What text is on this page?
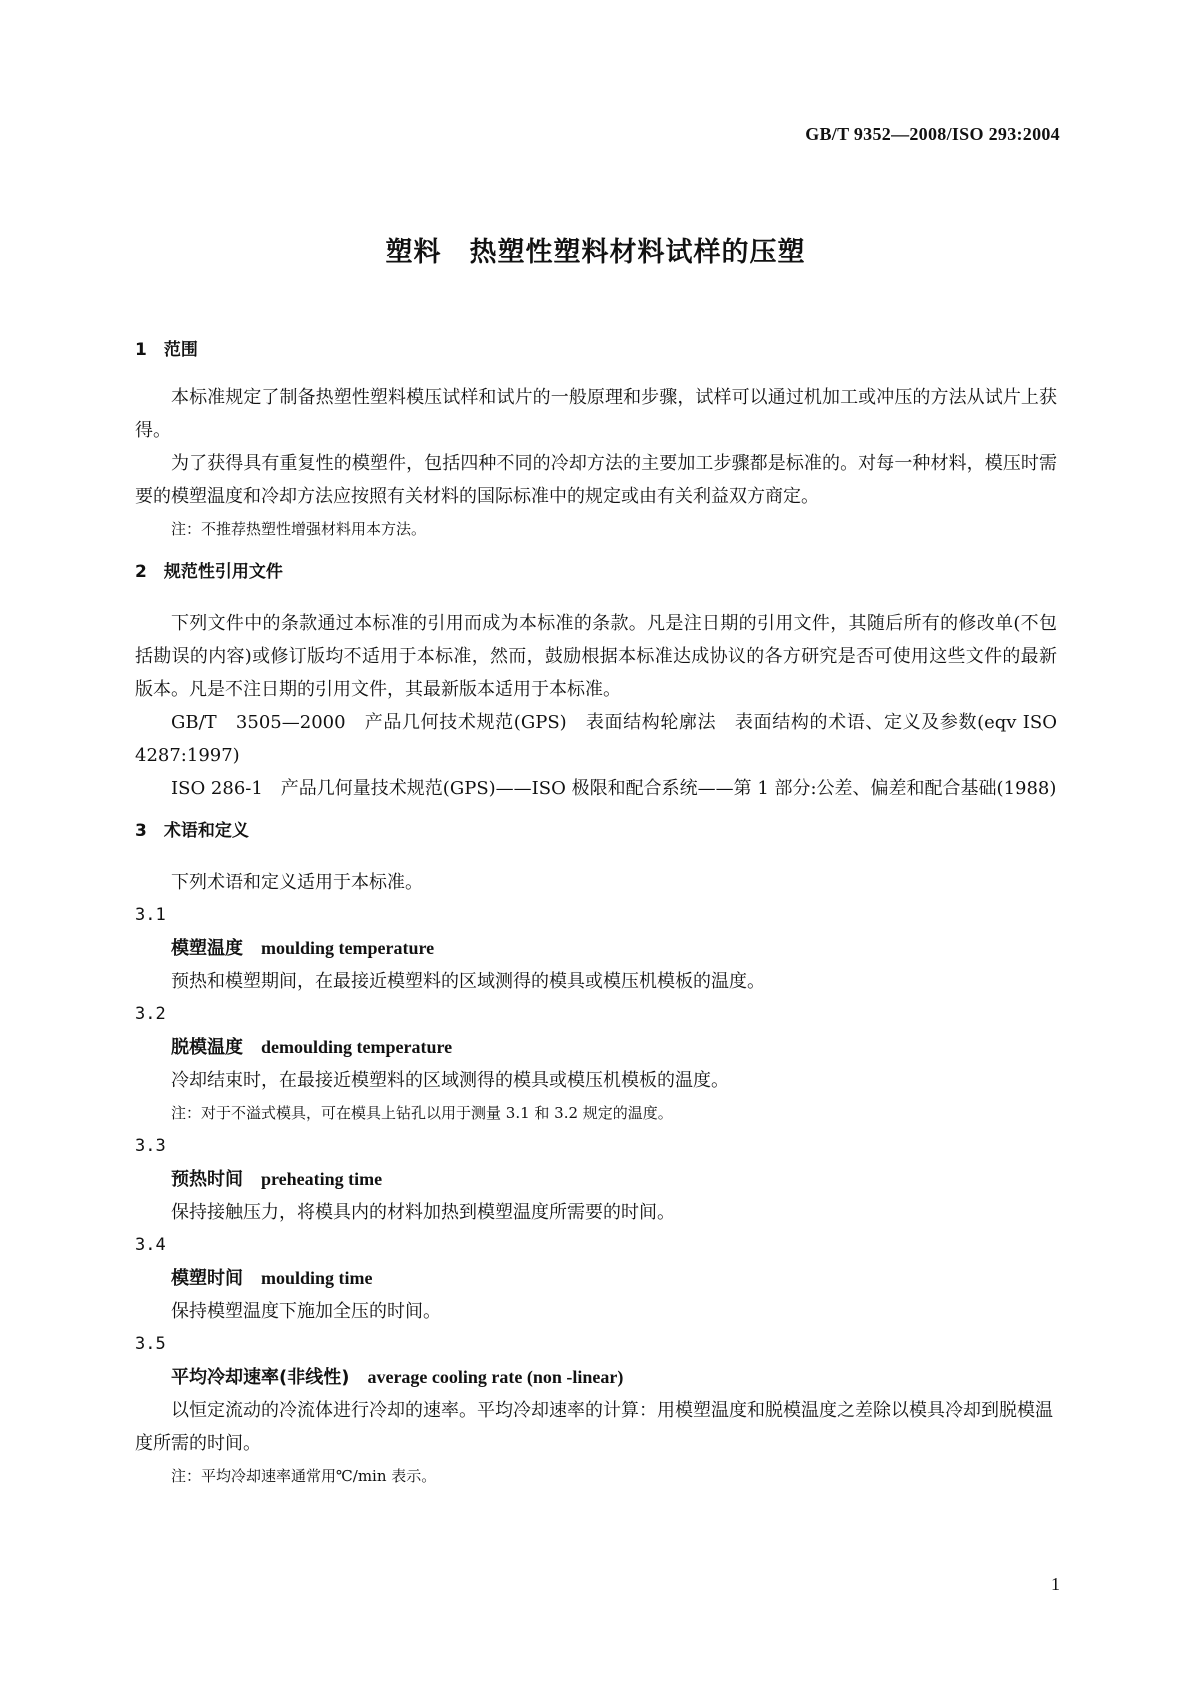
GB/T 9352—2008/ISO 293:2004
塑料　热塑性塑料材料试样的压塑

1　范围

本标准规定了制备热塑性塑料模压试样和试片的一般原理和步骤，试样可以通过机加工或冲压的方法从试片上获得。

为了获得具有重复性的模塑件，包括四种不同的冷却方法的主要加工步骤都是标准的。对每一种材料，模压时需要的模塑温度和冷却方法应按照有关材料的国际标准中的规定或由有关利益双方商定。

注：不推荐热塑性增强材料用本方法。

2　规范性引用文件

下列文件中的条款通过本标准的引用而成为本标准的条款。凡是注日期的引用文件，其随后所有的修改单(不包括勘误的内容)或修订版均不适用于本标准，然而，鼓励根据本标准达成协议的各方研究是否可使用这些文件的最新版本。凡是不注日期的引用文件，其最新版本适用于本标准。

GB/T　3505—2000　产品几何技术规范(GPS)　表面结构轮廓法　表面结构的术语、定义及参数(eqv ISO 4287:1997)

ISO 286-1　产品几何量技术规范(GPS)——ISO 极限和配合系统——第 1 部分:公差、偏差和配合基础(1988)

3　术语和定义

下列术语和定义适用于本标准。

3.1

模塑温度 moulding temperature

预热和模塑期间，在最接近模塑料的区域测得的模具或模压机模板的温度。

3.2

脱模温度 demoulding temperature

冷却结束时，在最接近模塑料的区域测得的模具或模压机模板的温度。

注：对于不溢式模具，可在模具上钻孔以用于测量 3.1 和 3.2 规定的温度。

3.3

预热时间 preheating time

保持接触压力，将模具内的材料加热到模塑温度所需要的时间。

3.4

模塑时间 moulding time

保持模塑温度下施加全压的时间。

3.5

平均冷却速率(非线性) average cooling rate (non -linear)

以恒定流动的冷流体进行冷却的速率。平均冷却速率的计算：用模塑温度和脱模温度之差除以模具冷却到脱模温度所需的时间。

注：平均冷却速率通常用℃/min 表示。

1
